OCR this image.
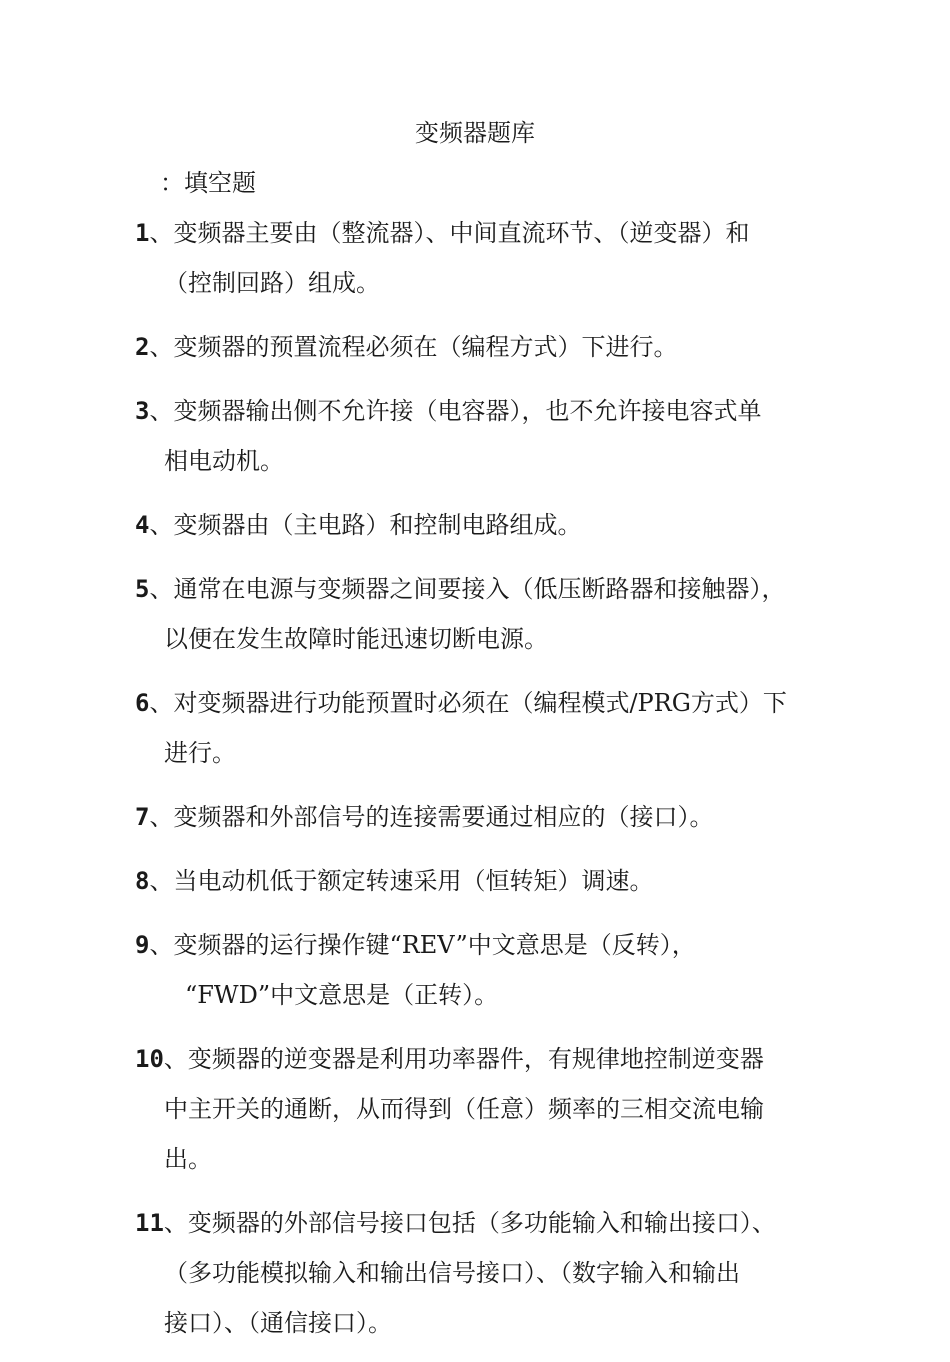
变频器题库
：填空题
1、变频器主要由（整流器）、中间直流环节、（逆变器）和
（控制回路）组成。
2、变频器的预置流程必须在（编程方式）下进行。
3、变频器输出侧不允许接（电容器），也不允许接电容式单
相电动机。
4、变频器由（主电路）和控制电路组成。
5、通常在电源与变频器之间要接入（低压断路器和接触器），
以便在发生故障时能迅速切断电源。
6、对变频器进行功能预置时必须在（编程模式/PRG方式）下
进行。
7、变频器和外部信号的连接需要通过相应的（接口）。
8、当电动机低于额定转速采用（恒转矩）调速。
9、变频器的运行操作键“REV”中文意思是（反转），
“FWD”中文意思是（正转）。
10、变频器的逆变器是利用功率器件，有规律地控制逆变器
中主开关的通断，从而得到（任意）频率的三相交流电输
出。
11、变频器的外部信号接口包括（多功能输入和输出接口）、
（多功能模拟输入和输出信号接口）、（数字输入和输出
接口）、（通信接口）。
